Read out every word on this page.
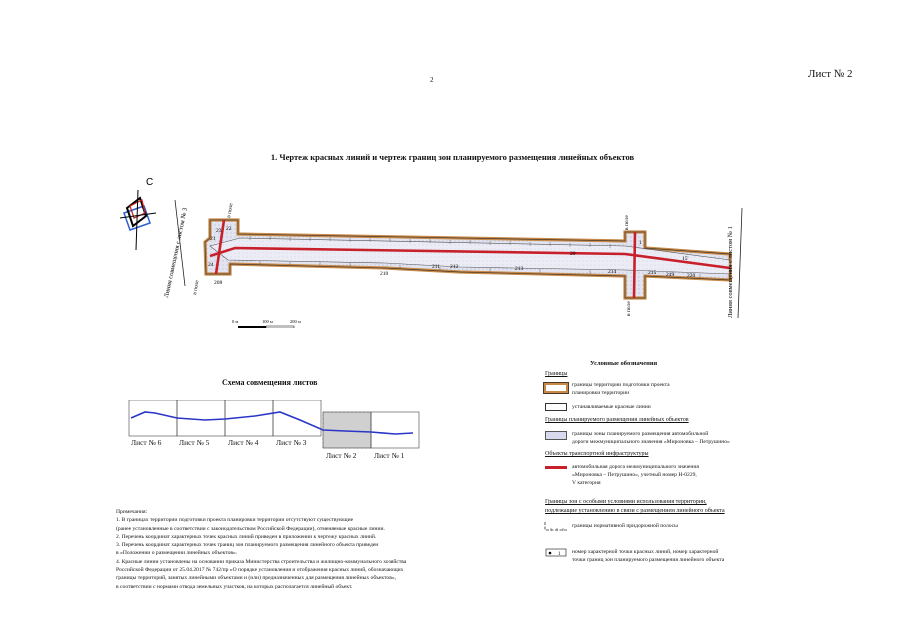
Лист № 2
2
1. Чертеж красных линий и чертеж границ зон планируемого размещения линейных объектов
С
Линия совмещения с листом № 3	Линия совмещения с листом № 1
в поле
в поле
в поле
в поле
23 22
21
24
208
210
211 212	213
20
214
1
215 219 220
15'
0 м	100 м	200 м
Схема совмещения листов
Лист № 6 Лист № 5 Лист № 4 Лист № 3
Лист № 2 Лист № 1
Примечания:
1. В границах территории подготовки проекта планировки территории отсутствуют существующие
(ранее установленные в соответствии с законодательством Российской Федерации), отменяемые красные линии.
2. Перечень координат характерных точек красных линий приведен в приложении к чертежу красных линий.
3. Перечень координат характерных точек границ зон планируемого размещения линейного объекта приведен
в «Положении о размещении линейных объектов».
4. Красные линии установлены на основании приказа Министерства строительства и жилищно-коммунального хозяйства
Российской Федерации от 25.04.2017 № 742/пр «О порядке установления и отображения красных линий, обозначающих
границы территорий, занятых линейными объектами и (или) предназначенных для размещения линейных объектов»,
в соответствии с нормами отвода земельных участков, на которых располагается линейный объект.
Условные обозначения
Границы
границы территории подготовки проекта
планировки территории
устанавливаемые красные линии
Границы планируемого размещения линейных объектов
границы зоны планируемого размещения автомобильной
дороги межмуниципального значения «Мироновка – Петрушино»
Объекты транспортной инфраструктуры
автомобильная дорога межмуниципального значения
«Мироновка – Петрушино», учетный номер Н-0229,
V категория
Границы зон с особыми условиями использования территории,
подлежащие установлению в связи с размещением линейного объекта
границы нормативной придорожной полосы
1 номер характерной точки красных линий, номер характерной
точки границ зон планируемого размещения линейного объекта
